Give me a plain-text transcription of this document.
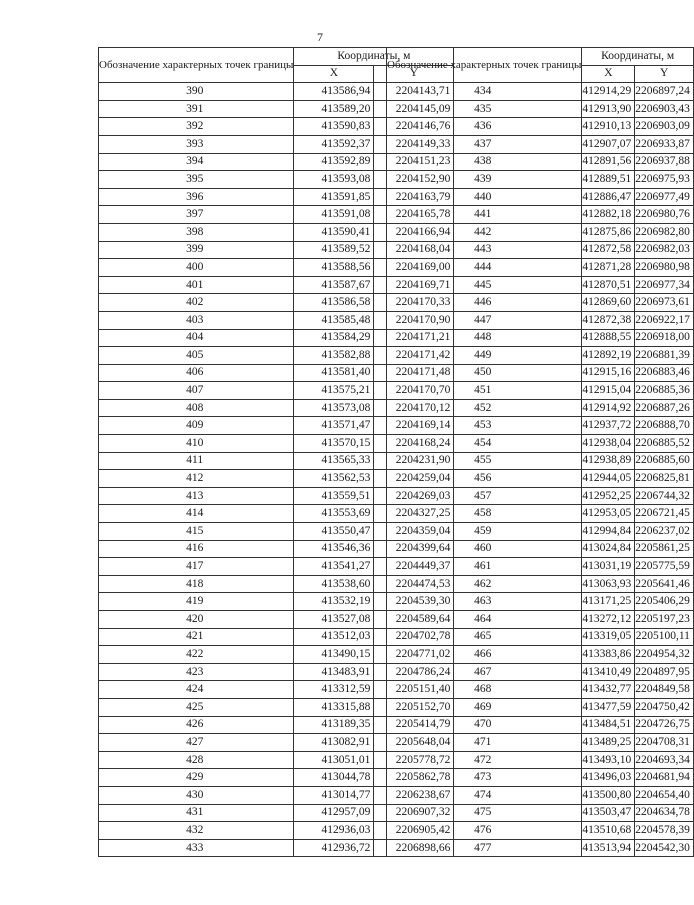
7
Обозначение характерных точек границы	Координаты, м	
	X	Y
390	413586,94	2204143,71
391	413589,20	2204145,09
392	413590,83	2204146,76
393	413592,37	2204149,33
394	413592,89	2204151,23
395	413593,08	2204152,90
396	413591,85	2204163,79
397	413591,08	2204165,78
398	413590,41	2204166,94
399	413589,52	2204168,04
400	413588,56	2204169,00
401	413587,67	2204169,71
402	413586,58	2204170,33
403	413585,48	2204170,90
404	413584,29	2204171,21
405	413582,88	2204171,42
406	413581,40	2204171,48
407	413575,21	2204170,70
408	413573,08	2204170,12
409	413571,47	2204169,14
410	413570,15	2204168,24
411	413565,33	2204231,90
412	413562,53	2204259,04
413	413559,51	2204269,03
414	413553,69	2204327,25
415	413550,47	2204359,04
416	413546,36	2204399,64
417	413541,27	2204449,37
418	413538,60	2204474,53
419	413532,19	2204539,30
420	413527,08	2204589,64
421	413512,03	2204702,78
422	413490,15	2204771,02
423	413483,91	2204786,24
424	413312,59	2205151,40
425	413315,88	2205152,70
426	413189,35	2205414,79
427	413082,91	2205648,04
428	413051,01	2205778,72
429	413044,78	2205862,78
430	413014,77	2206238,67
431	412957,09	2206907,32
432	412936,03	2206905,42
433	412936,72	2206898,66
Обозначение характерных точек границы	Координаты, м	
	X	Y
434	412914,29	2206897,24
435	412913,90	2206903,43
436	412910,13	2206903,09
437	412907,07	2206933,87
438	412891,56	2206937,88
439	412889,51	2206975,93
440	412886,47	2206977,49
441	412882,18	2206980,76
442	412875,86	2206982,80
443	412872,58	2206982,03
444	412871,28	2206980,98
445	412870,51	2206977,34
446	412869,60	2206973,61
447	412872,38	2206922,17
448	412888,55	2206918,00
449	412892,19	2206881,39
450	412915,16	2206883,46
451	412915,04	2206885,36
452	412914,92	2206887,26
453	412937,72	2206888,70
454	412938,04	2206885,52
455	412938,89	2206885,60
456	412944,05	2206825,81
457	412952,25	2206744,32
458	412953,05	2206721,45
459	412994,84	2206237,02
460	413024,84	2205861,25
461	413031,19	2205775,59
462	413063,93	2205641,46
463	413171,25	2205406,29
464	413272,12	2205197,23
465	413319,05	2205100,11
466	413383,86	2204954,32
467	413410,49	2204897,95
468	413432,77	2204849,58
469	413477,59	2204750,42
470	413484,51	2204726,75
471	413489,25	2204708,31
472	413493,10	2204693,34
473	413496,03	2204681,94
474	413500,80	2204654,40
475	413503,47	2204634,78
476	413510,68	2204578,39
477	413513,94	2204542,30
